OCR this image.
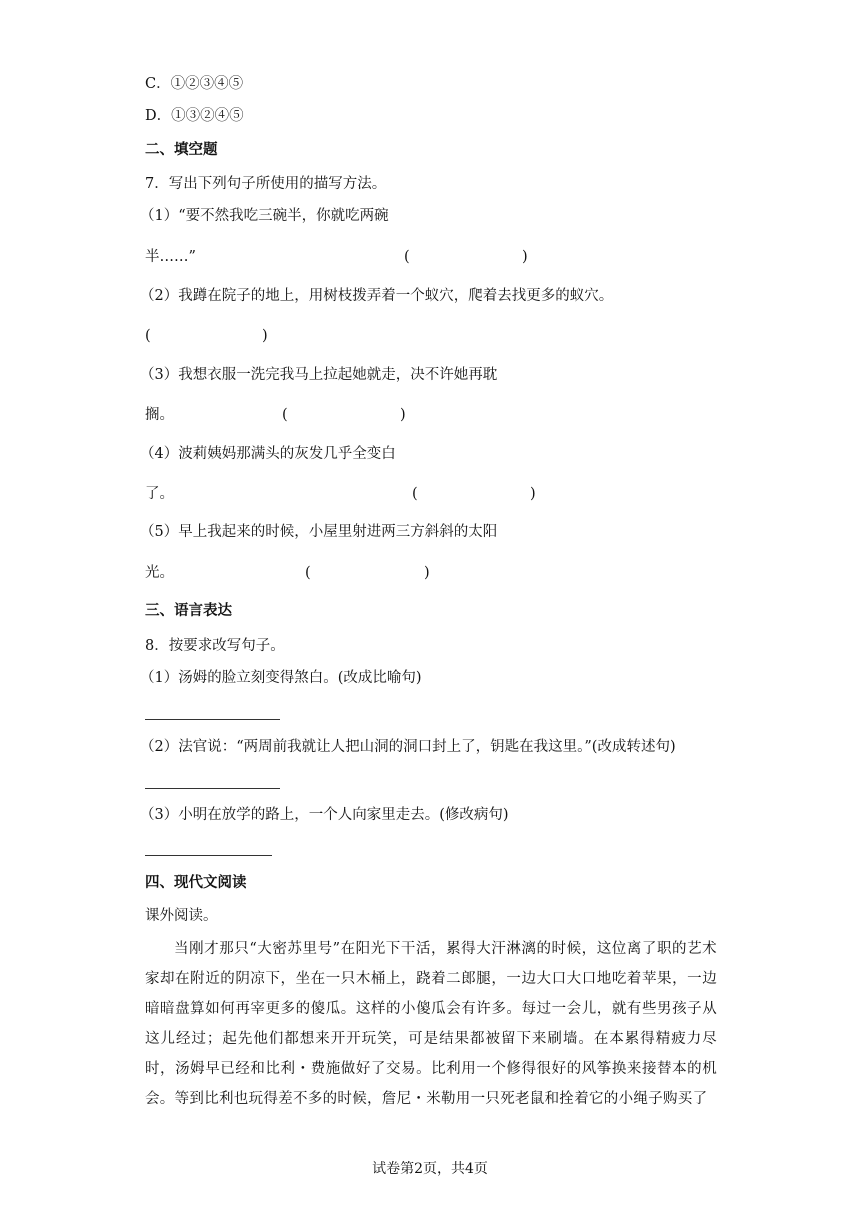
C．①②③④⑤
D．①③②④⑤
二、填空题
7．写出下列句子所使用的描写方法。
（1）“要不然我吃三碗半，你就吃两碗
半……”	(	)
（2）我蹲在院子的地上，用树枝拨弄着一个蚁穴，爬着去找更多的蚁穴。
(	)
（3）我想衣服一洗完我马上拉起她就走，决不许她再耽
搁。	(	)
（4）波莉姨妈那满头的灰发几乎全变白
了。	(	)
（5）早上我起来的时候，小屋里射进两三方斜斜的太阳
光。	(	)
三、语言表达
8．按要求改写句子。
（1）汤姆的脸立刻变得煞白。(改成比喻句)
（2）法官说：“两周前我就让人把山洞的洞口封上了，钥匙在我这里。”(改成转述句)
（3）小明在放学的路上，一个人向家里走去。(修改病句)
四、现代文阅读
课外阅读。
当刚才那只“大密苏里号”在阳光下干活，累得大汗淋漓的时候，这位离了职的艺术家却在附近的阴凉下，坐在一只木桶上，跷着二郎腿，一边大口大口地吃着苹果，一边暗暗盘算如何再宰更多的傻瓜。这样的小傻瓜会有许多。每过一会儿，就有些男孩子从这儿经过；起先他们都想来开开玩笑，可是结果都被留下来刷墙。在本累得精疲力尽时，汤姆早已经和比利・费施做好了交易。比利用一个修得很好的风筝换来接替本的机会。等到比利也玩得差不多的时候，詹尼・米勒用一只死老鼠和拴着它的小绳子购买了
试卷第2页，共4页
